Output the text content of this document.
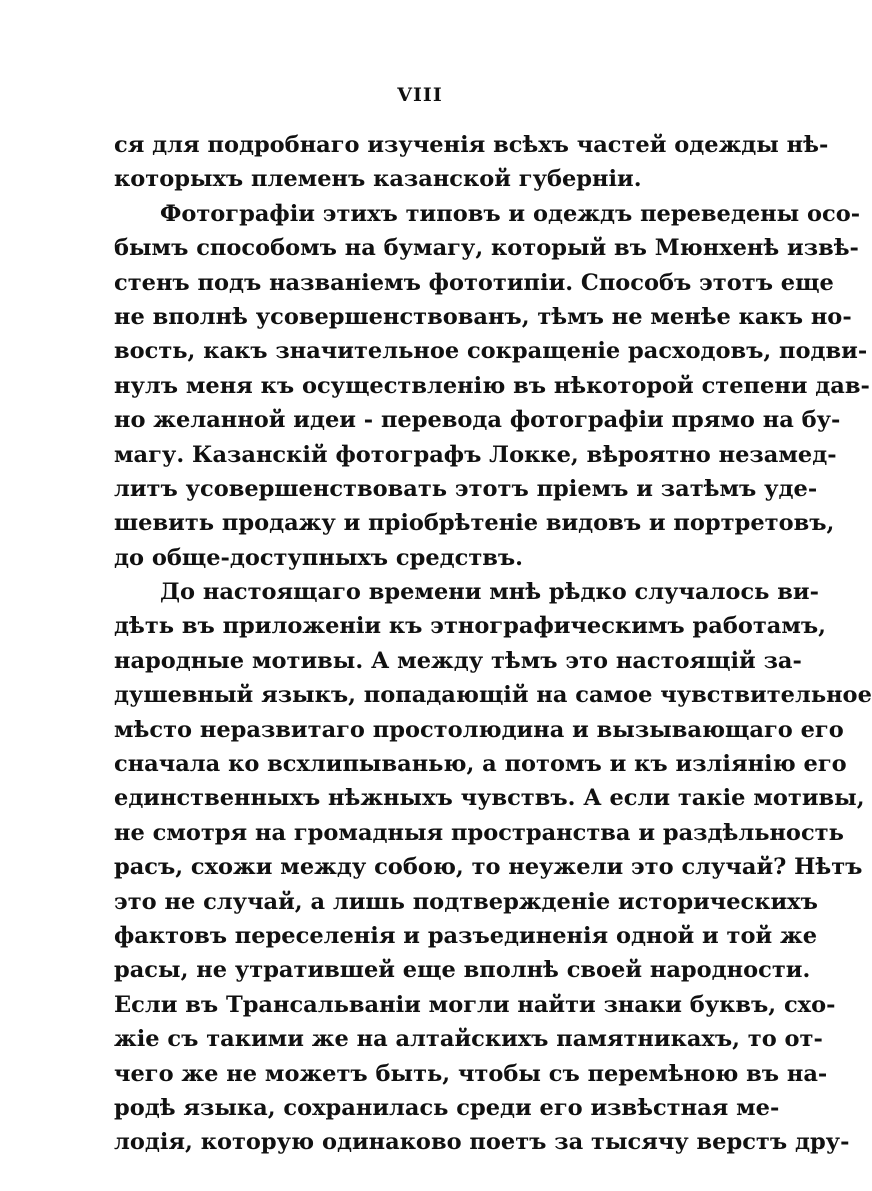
VIII
ся для подробнаго изученія всѣхъ частей одежды нѣ-
которыхъ племенъ казанской губерніи.
Фотографіи этихъ типовъ и одеждъ переведены осо-
бымъ способомъ на бумагу, который въ Мюнхенѣ извѣ-
стенъ подъ названіемъ фототипіи. Способъ этотъ еще
не вполнѣ усовершенствованъ, тѣмъ не менѣе какъ но-
вость, какъ значительное сокращеніе расходовъ, подви-
нулъ меня къ осуществленію въ нѣкоторой степени дав-
но желанной идеи - перевода фотографіи прямо на бу-
магу. Казанскій фотографъ Локке, вѣроятно незамед-
литъ усовершенствовать этотъ пріемъ и затѣмъ уде-
шевить продажу и пріобрѣтеніе видовъ и портретовъ,
до обще-доступныхъ средствъ.
До настоящаго времени мнѣ рѣдко случалось ви-
дѣть въ приложеніи къ этнографическимъ работамъ,
народные мотивы. А между тѣмъ это настоящій за-
душевный языкъ, попадающій на самое чувствительное
мѣсто неразвитаго простолюдина и вызывающаго его
сначала ко всхлипыванью, а потомъ и къ излiянiю его
единственныхъ нѣжныхъ чувствъ. А если такіе мотивы,
не смотря на громадныя пространства и раздѣльность
расъ, схожи между собою, то неужели это случай? Нѣтъ
это не случай, а лишь подтвержденіе историческихъ
фактовъ переселенія и разъединенія одной и той же
расы, не утратившей еще вполнѣ своей народности.
Если въ Трансальваніи могли найти знаки буквъ, схо-
жіе съ такими же на алтайскихъ памятникахъ, то от-
чего же не можетъ быть, чтобы съ перемѣною въ на-
родѣ языка, сохранилась среди его извѣстная ме-
лодія, которую одинаково поетъ за тысячу верстъ дру-
